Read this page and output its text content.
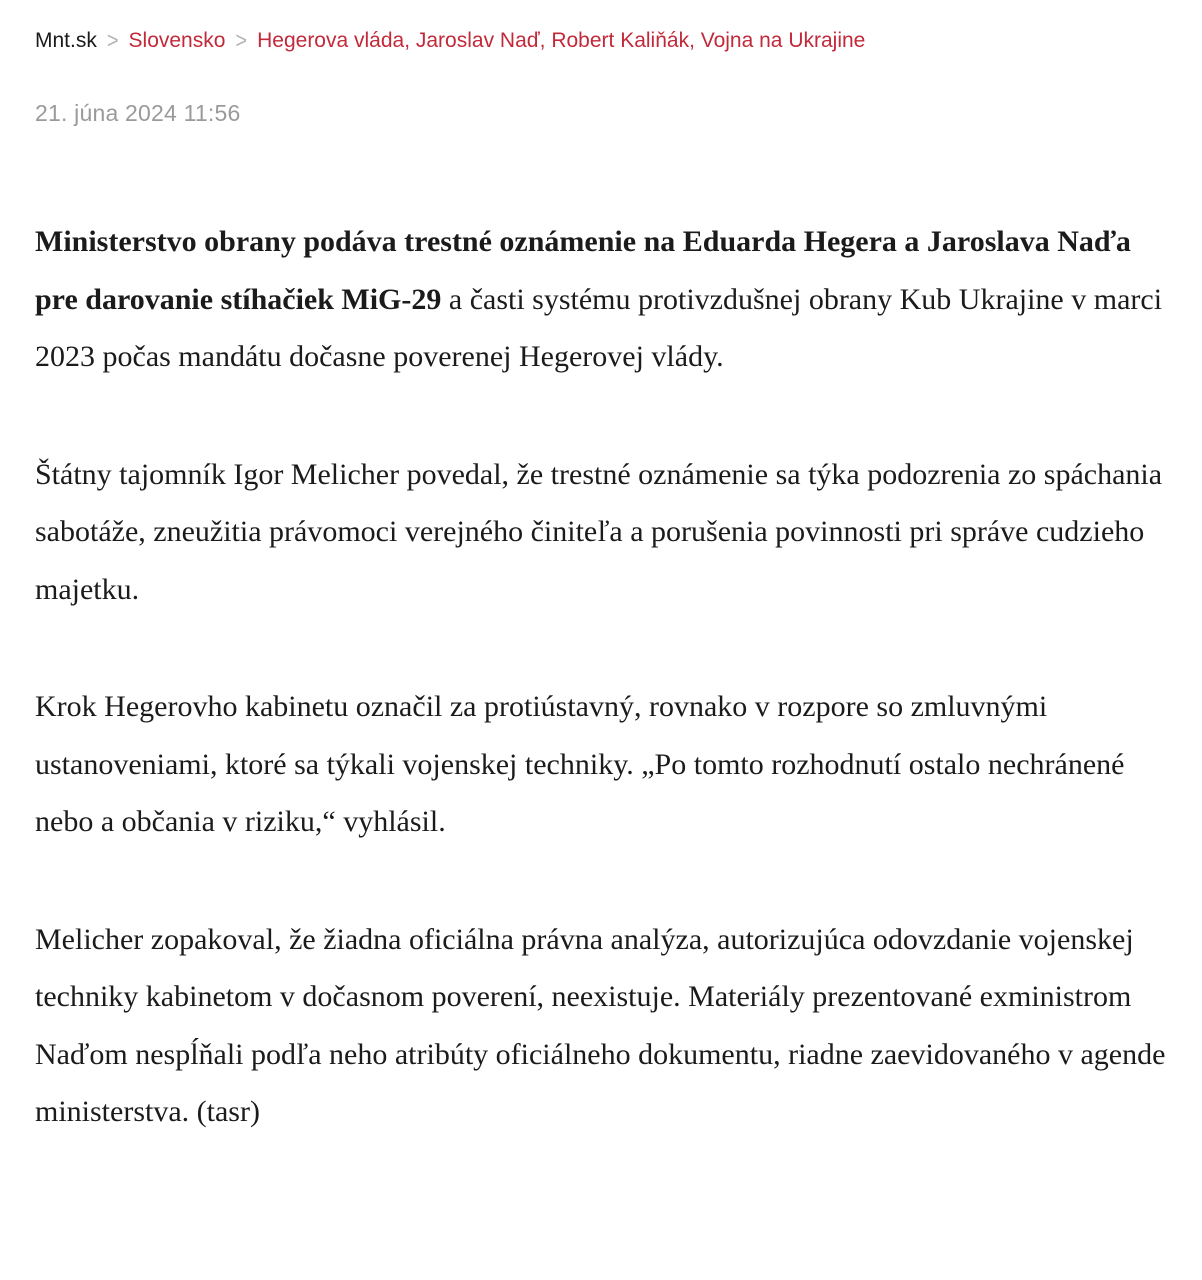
Mnt.sk > Slovensko > Hegerova vláda, Jaroslav Naď, Robert Kaliňák, Vojna na Ukrajine
21. júna 2024 11:56

Ministerstvo obrany podáva trestné oznámenie na Eduarda Hegera a Jaroslava Naďa pre darovanie stíhačiek MiG-29 a časti systému protivzdušnej obrany Kub Ukrajine v marci 2023 počas mandátu dočasne poverenej Hegerovej vlády.

Štátny tajomník Igor Melicher povedal, že trestné oznámenie sa týka podozrenia zo spáchania sabotáže, zneužitia právomoci verejného činiteľa a porušenia povinnosti pri správe cudzieho majetku.

Krok Hegerovho kabinetu označil za protiústavný, rovnako v rozpore so zmluvnými ustanoveniami, ktoré sa týkali vojenskej techniky. „Po tomto rozhodnutí ostalo nechránené nebo a občania v riziku,“ vyhlásil.

Melicher zopakoval, že žiadna oficiálna právna analýza, autorizujúca odovzdanie vojenskej techniky kabinetom v dočasnom poverení, neexistuje. Materiály prezentované exministrom Naďom nespĺňali podľa neho atribúty oficiálneho dokumentu, riadne zaevidovaného v agende ministerstva. (tasr)
